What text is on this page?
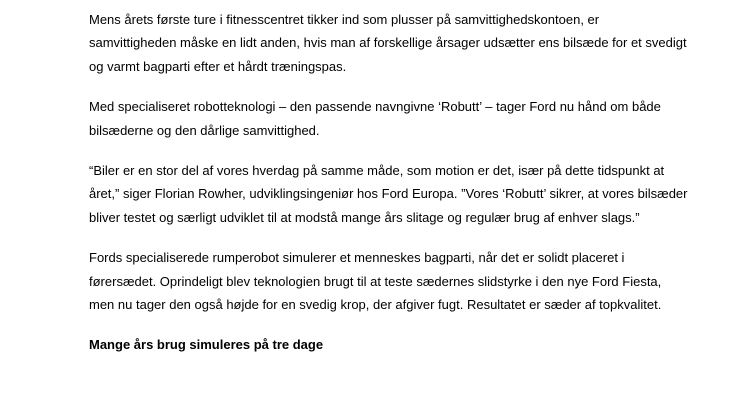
Mens årets første ture i fitnesscentret tikker ind som plusser på samvittighedskontoen, er samvittigheden måske en lidt anden, hvis man af forskellige årsager udsætter ens bilsæde for et svedigt og varmt bagparti efter et hårdt træningspas.

Med specialiseret robotteknologi – den passende navngivne ‘Robutt’ – tager Ford nu hånd om både bilsæderne og den dårlige samvittighed.

“Biler er en stor del af vores hverdag på samme måde, som motion er det, især på dette tidspunkt at året,” siger Florian Rowher, udviklingsingeniør hos Ford Europa. ”Vores ‘Robutt’ sikrer, at vores bilsæder bliver testet og særligt udviklet til at modstå mange års slitage og regulær brug af enhver slags.”

Fords specialiserede rumperobot simulerer et menneskes bagparti, når det er solidt placeret i førersædet. Oprindeligt blev teknologien brugt til at teste sædernes slidstyrke i den nye Ford Fiesta, men nu tager den også højde for en svedig krop, der afgiver fugt. Resultatet er sæder af topkvalitet.

Mange års brug simuleres på tre dage
